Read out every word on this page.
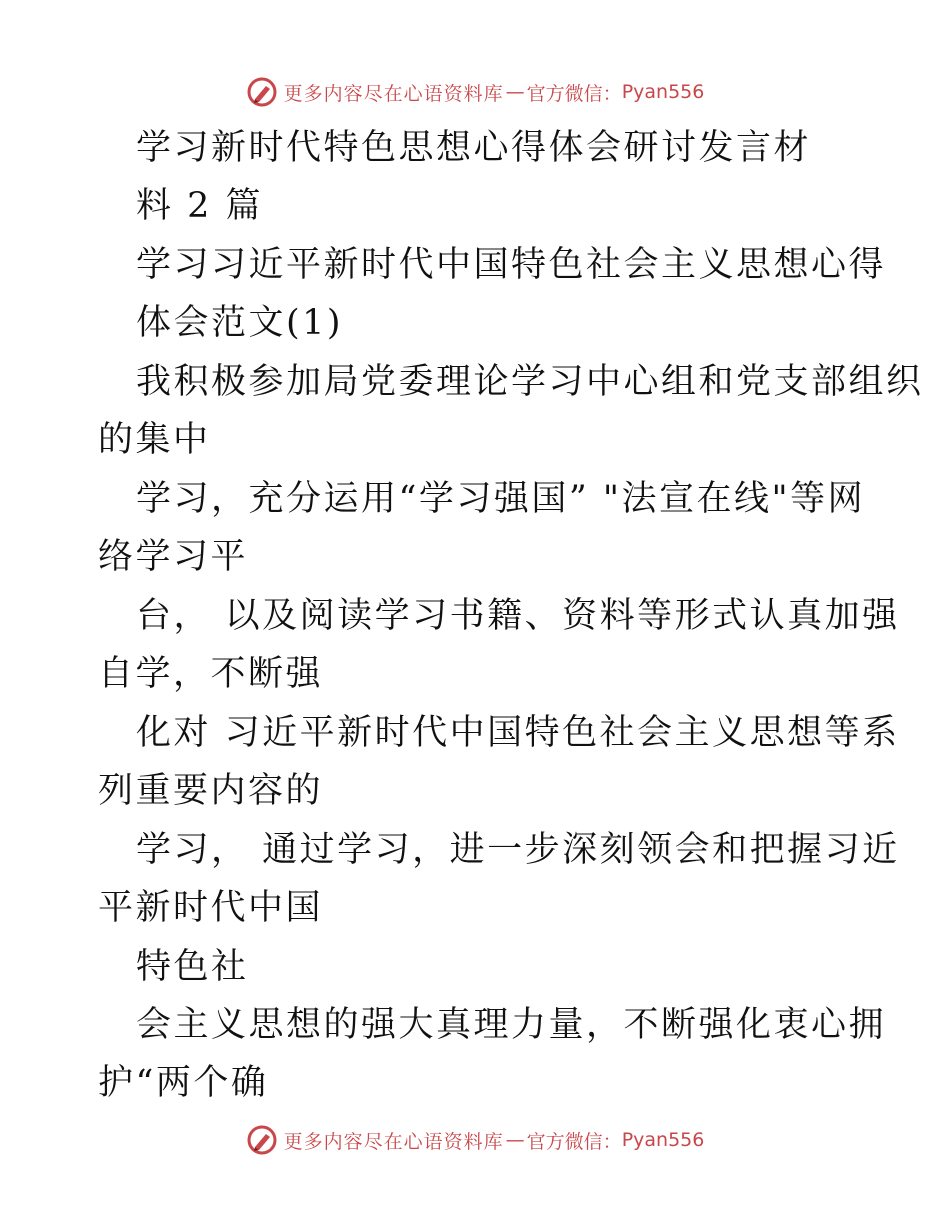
更多内容尽在心语资料库 — 官方微信： Pyan556
学习新时代特色思想心得体会研讨发言材
料 2 篇
学习习近平新时代中国特色社会主义思想心得
体会范文(1)
我积极参加局党委理论学习中心组和党支部组织
的集中
学习，充分运用“学习强国” "法宣在线"等网
络学习平
台， 以及阅读学习书籍、资料等形式认真加强
自学，不断强
化对 习近平新时代中国特色社会主义思想等系
列重要内容的
学习， 通过学习，进一步深刻领会和把握习近
平新时代中国
特色社
会主义思想的强大真理力量，不断强化衷心拥
护“两个确
更多内容尽在心语资料库 — 官方微信： Pyan556
